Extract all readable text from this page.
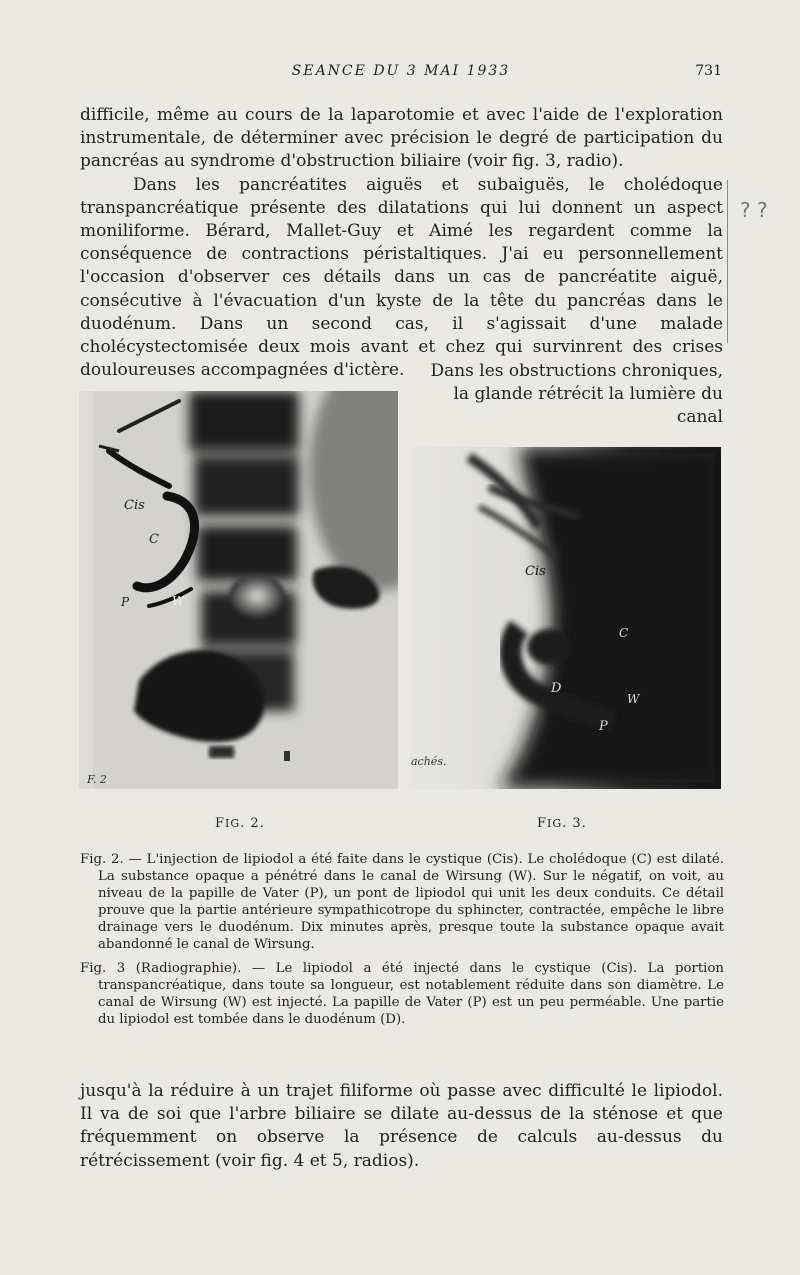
SEANCE DU 3 MAI 1933	731

difficile, même au cours de la laparotomie et avec l'aide de l'exploration instrumentale, de déterminer avec précision le degré de participation du pancréas au syndrome d'obstruction biliaire (voir fig. 3, radio).

Dans les pancréatites aiguës et subaiguës, le cholédoque transpancréatique présente des dilatations qui lui donnent un aspect moniliforme. Bérard, Mallet-Guy et Aimé les regardent comme la conséquence de contractions péristaltiques. J'ai eu personnellement l'occasion d'observer ces détails dans un cas de pancréatite aiguë, consécutive à l'évacuation d'un kyste de la tête du pancréas dans le duodénum. Dans un second cas, il s'agissait d'une malade cholécystectomisée deux mois avant et chez qui survinrent des crises douloureuses accompagnées d'ictère.

? ?

Dans les obstructions chroniques,

la glande rétrécit la lumière du canal

Cis
C
P	W
F. 2
Cis
C
D
W
P
achés.
FIG. 2.	FIG. 3.

Fig. 2. — L'injection de lipiodol a été faite dans le cystique (Cis). Le cholédoque (C) est dilaté. La substance opaque a pénétré dans le canal de Wirsung (W). Sur le négatif, on voit, au niveau de la papille de Vater (P), un pont de lipiodol qui unit les deux conduits. Ce détail prouve que la partie antérieure sympathicotrope du sphincter, contractée, empêche le libre drainage vers le duodénum. Dix minutes après, presque toute la substance opaque avait abandonné le canal de Wirsung.

Fig. 3 (Radiographie). — Le lipiodol a été injecté dans le cystique (Cis). La portion transpancréatique, dans toute sa longueur, est notablement réduite dans son diamètre. Le canal de Wirsung (W) est injecté. La papille de Vater (P) est un peu perméable. Une partie du lipiodol est tombée dans le duodénum (D).

jusqu'à la réduire à un trajet filiforme où passe avec difficulté le lipiodol. Il va de soi que l'arbre biliaire se dilate au-dessus de la sténose et que fréquemment on observe la présence de calculs au-dessus du rétrécissement (voir fig. 4 et 5, radios).
